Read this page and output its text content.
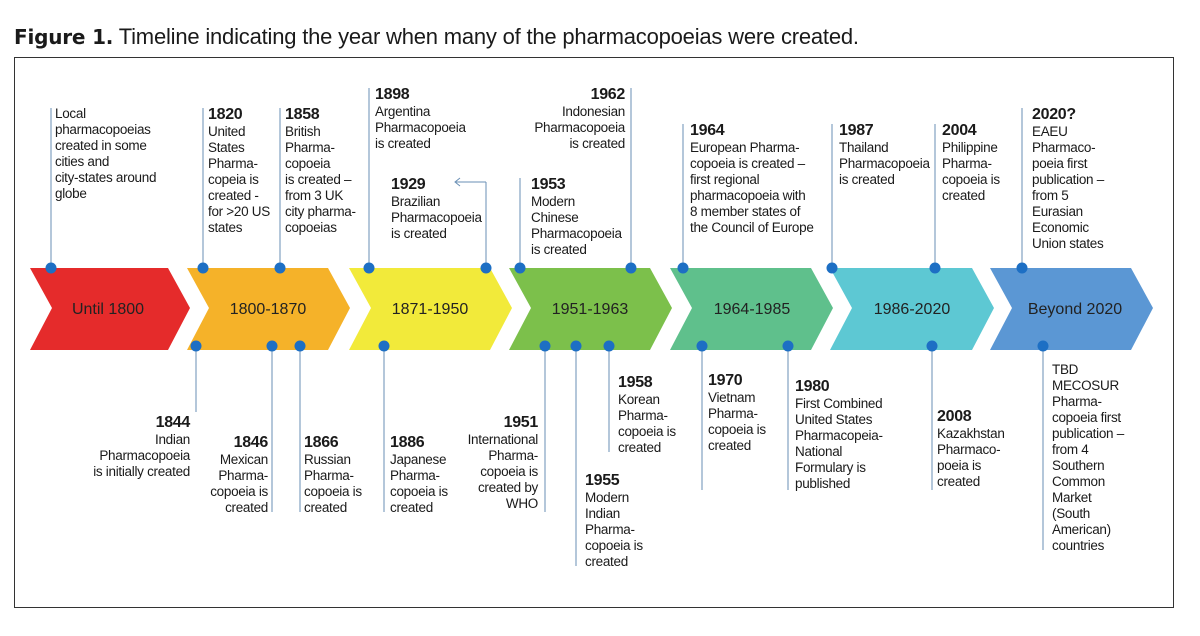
Figure 1. Timeline indicating the year when many of the pharmacopoeias were created.
Until 1800	1800-1870	1871-1950	1951-1963	1964-1985	1986-2020	Beyond 2020
Local
pharmacopoeias
created in some
cities and
city-states around
globe
1820
United
States
Pharma-
copeia is
created -
for >20 US
states
1858
British
Pharma-
copoeia
is created –
from 3 UK
city pharma-
copoeias
1898
Argentina
Pharmacopoeia
is created
1929
Brazilian
Pharmacopoeia
is created
1953
Modern
Chinese
Pharmacopoeia
is created
1962
Indonesian
Pharmacopoeia
is created
1964
European Pharma-
copoeia is created –
first regional
pharmacopoeia with
8 member states of
the Council of Europe
1987
Thailand
Pharmacopoeia
is created
2004
Philippine
Pharma-
copoeia is
created
2020?
EAEU
Pharmaco-
poeia first
publication –
from 5
Eurasian
Economic
Union states
1844
Indian
Pharmacopoeia
is initially created
1846
Mexican
Pharma-
copoeia is
created
1866
Russian
Pharma-
copoeia is
created
1886
Japanese
Pharma-
copoeia is
created
1951
International
Pharma-
copoeia is
created by
WHO
1955
Modern
Indian
Pharma-
copoeia is
created
1958
Korean
Pharma-
copoeia is
created
1970
Vietnam
Pharma-
copoeia is
created
1980
First Combined
United States
Pharmacopeia-
National
Formulary is
published
2008
Kazakhstan
Pharmaco-
poeia is
created
TBD
MECOSUR
Pharma-
copoeia first
publication –
from 4
Southern
Common
Market
(South
American)
countries
